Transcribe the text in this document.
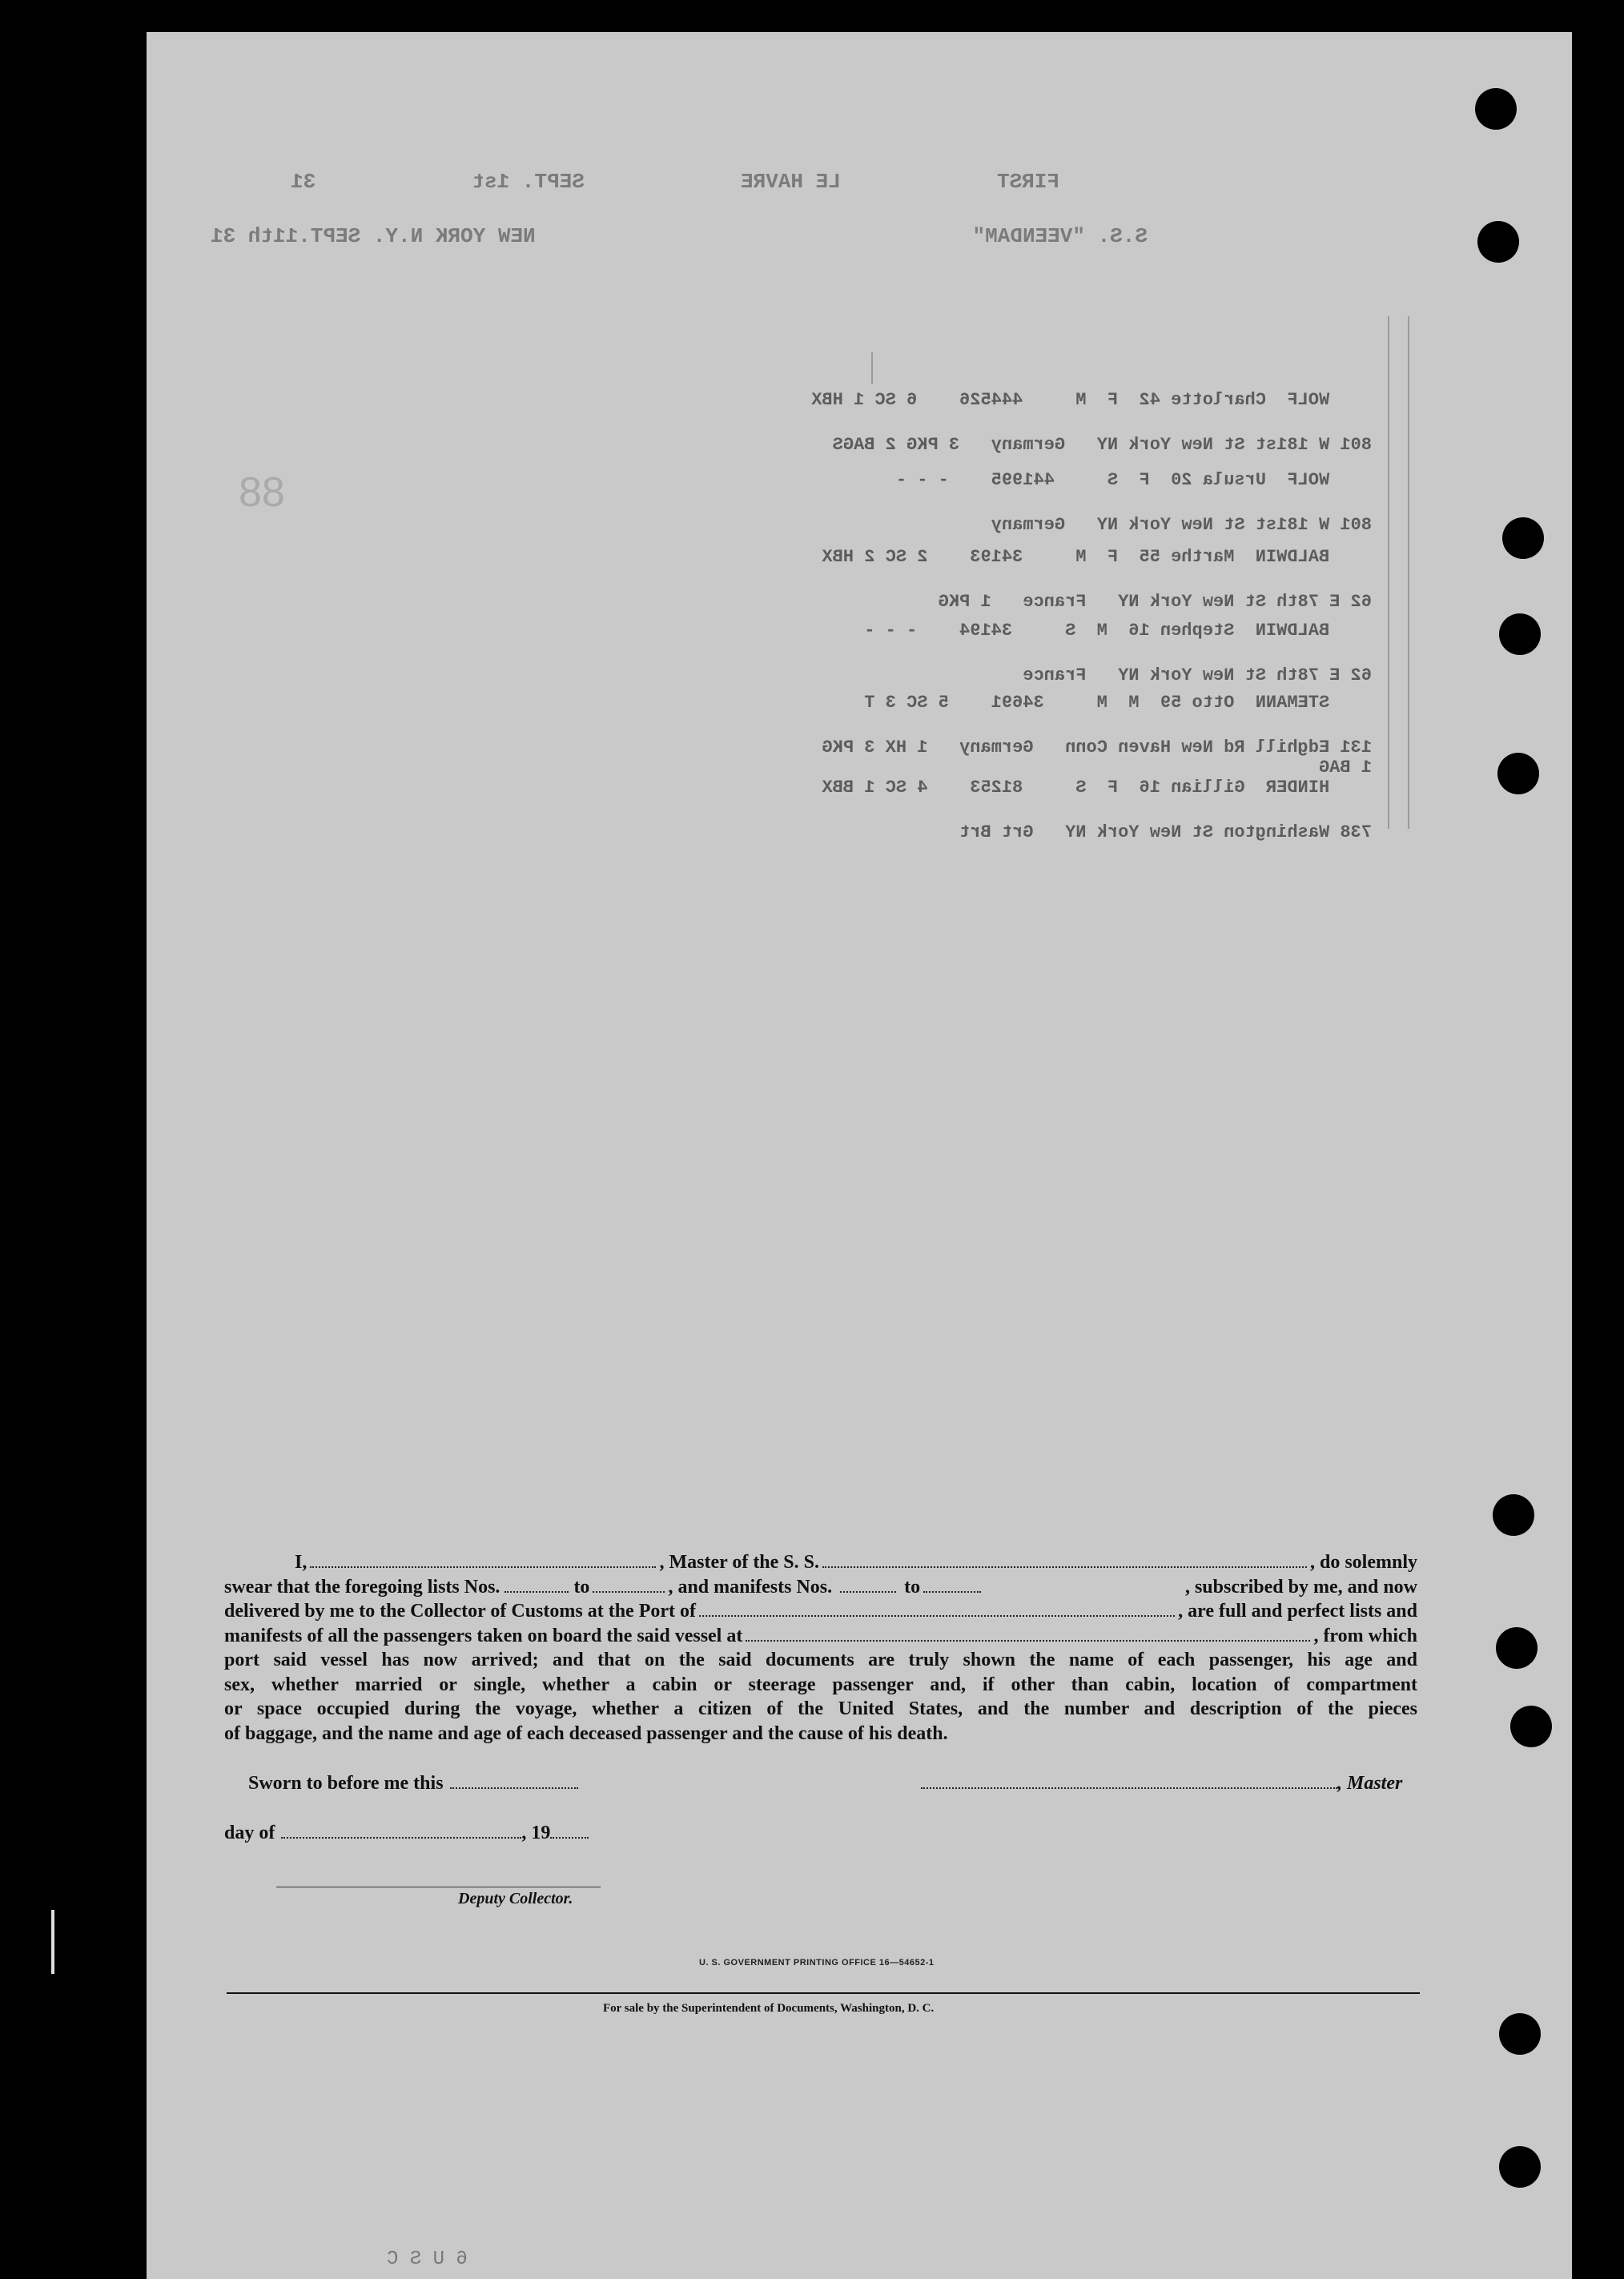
FIRST
LE HAVRE
SEPT. 1st
31
S.S. "VEENDAM"
NEW YORK N.Y. SEPT.11th 31
88

WOLF  Charlotte 42  F  M     444526    6 SC 1 HBX

801 W 181st St New York NY   Germany   3 PKG 2 BAGS

WOLF  Ursula 20  F  S     441995    - - -

801 W 181st St New York NY   Germany

BALDWIN  Marthe 55  F  M     34193    2 SC 2 HBX

62 E 78th St New York NY   France   1 PKG

BALDWIN  Stephen 16  M  S     34194    - - -

62 E 78th St New York NY   France

STEMANN  Otto 59  M  M     34691    5 SC 3 T

131 Edghill Rd New Haven Conn   Germany   1 HX 3 PKG
1 BAG

HINDER  Gillian 16  F  S     81253    4 SC 1 BBX

738 Washington St New York NY   Grt Brt

U. S. GOVERNMENT PRINTING OFFICE 16—54652-1
For sale by the Superintendent of Documents, Washington, D. C.
6 U S C
I,	, Master of the S. S.	, do solemnly
swear that the foregoing lists Nos.	to	, and manifests Nos.	to	, subscribed by me, and now
delivered by me to the Collector of Customs at the Port of	, are full and perfect lists and
manifests of all the passengers taken on board the said vessel at	, from which
port said vessel has now arrived; and that on the said documents are truly shown the name of each passenger, his age and
sex, whether married or single, whether a cabin or steerage passenger and, if other than cabin, location of compartment
or space occupied during the voyage, whether a citizen of the United States, and the number and description of the pieces
of baggage, and the name and age of each deceased passenger and the cause of his death.
Sworn to before me this	, Master
day of	, 19
Deputy Collector.
